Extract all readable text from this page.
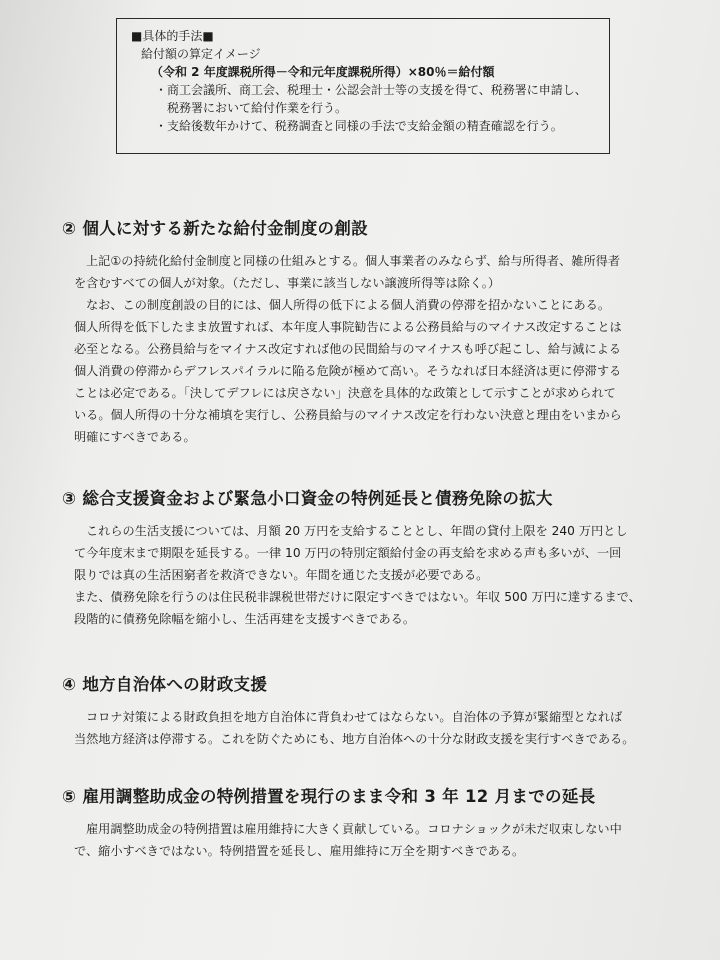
■具体的手法■
給付額の算定イメージ
（令和 2 年度課税所得－令和元年度課税所得）×80％＝給付額
・商工会議所、商工会、税理士・公認会計士等の支援を得て、税務署に申請し、
税務署において給付作業を行う。
・支給後数年かけて、税務調査と同様の手法で支給金額の精査確認を行う。
② 個人に対する新たな給付金制度の創設

上記①の持続化給付金制度と同様の仕組みとする。個人事業者のみならず、給与所得者、雑所得者

を含むすべての個人が対象。（ただし、事業に該当しない譲渡所得等は除く。）

なお、この制度創設の目的には、個人所得の低下による個人消費の停滞を招かないことにある。

個人所得を低下したまま放置すれば、本年度人事院勧告による公務員給与のマイナス改定することは

必至となる。公務員給与をマイナス改定すれば他の民間給与のマイナスも呼び起こし、給与減による

個人消費の停滞からデフレスパイラルに陥る危険が極めて高い。そうなれば日本経済は更に停滞する

ことは必定である。「決してデフレには戻さない」決意を具体的な政策として示すことが求められて

いる。個人所得の十分な補填を実行し、公務員給与のマイナス改定を行わない決意と理由をいまから

明確にすべきである。

③ 総合支援資金および緊急小口資金の特例延長と債務免除の拡大

これらの生活支援については、月額 20 万円を支給することとし、年間の貸付上限を 240 万円とし

て今年度末まで期限を延長する。一律 10 万円の特別定額給付金の再支給を求める声も多いが、一回

限りでは真の生活困窮者を救済できない。年間を通じた支援が必要である。

また、債務免除を行うのは住民税非課税世帯だけに限定すべきではない。年収 500 万円に達するまで、

段階的に債務免除幅を縮小し、生活再建を支援すべきである。

④ 地方自治体への財政支援

コロナ対策による財政負担を地方自治体に背負わせてはならない。自治体の予算が緊縮型となれば

当然地方経済は停滞する。これを防ぐためにも、地方自治体への十分な財政支援を実行すべきである。

⑤ 雇用調整助成金の特例措置を現行のまま令和 3 年 12 月までの延長

雇用調整助成金の特例措置は雇用維持に大きく貢献している。コロナショックが未だ収束しない中

で、縮小すべきではない。特例措置を延長し、雇用維持に万全を期すべきである。
